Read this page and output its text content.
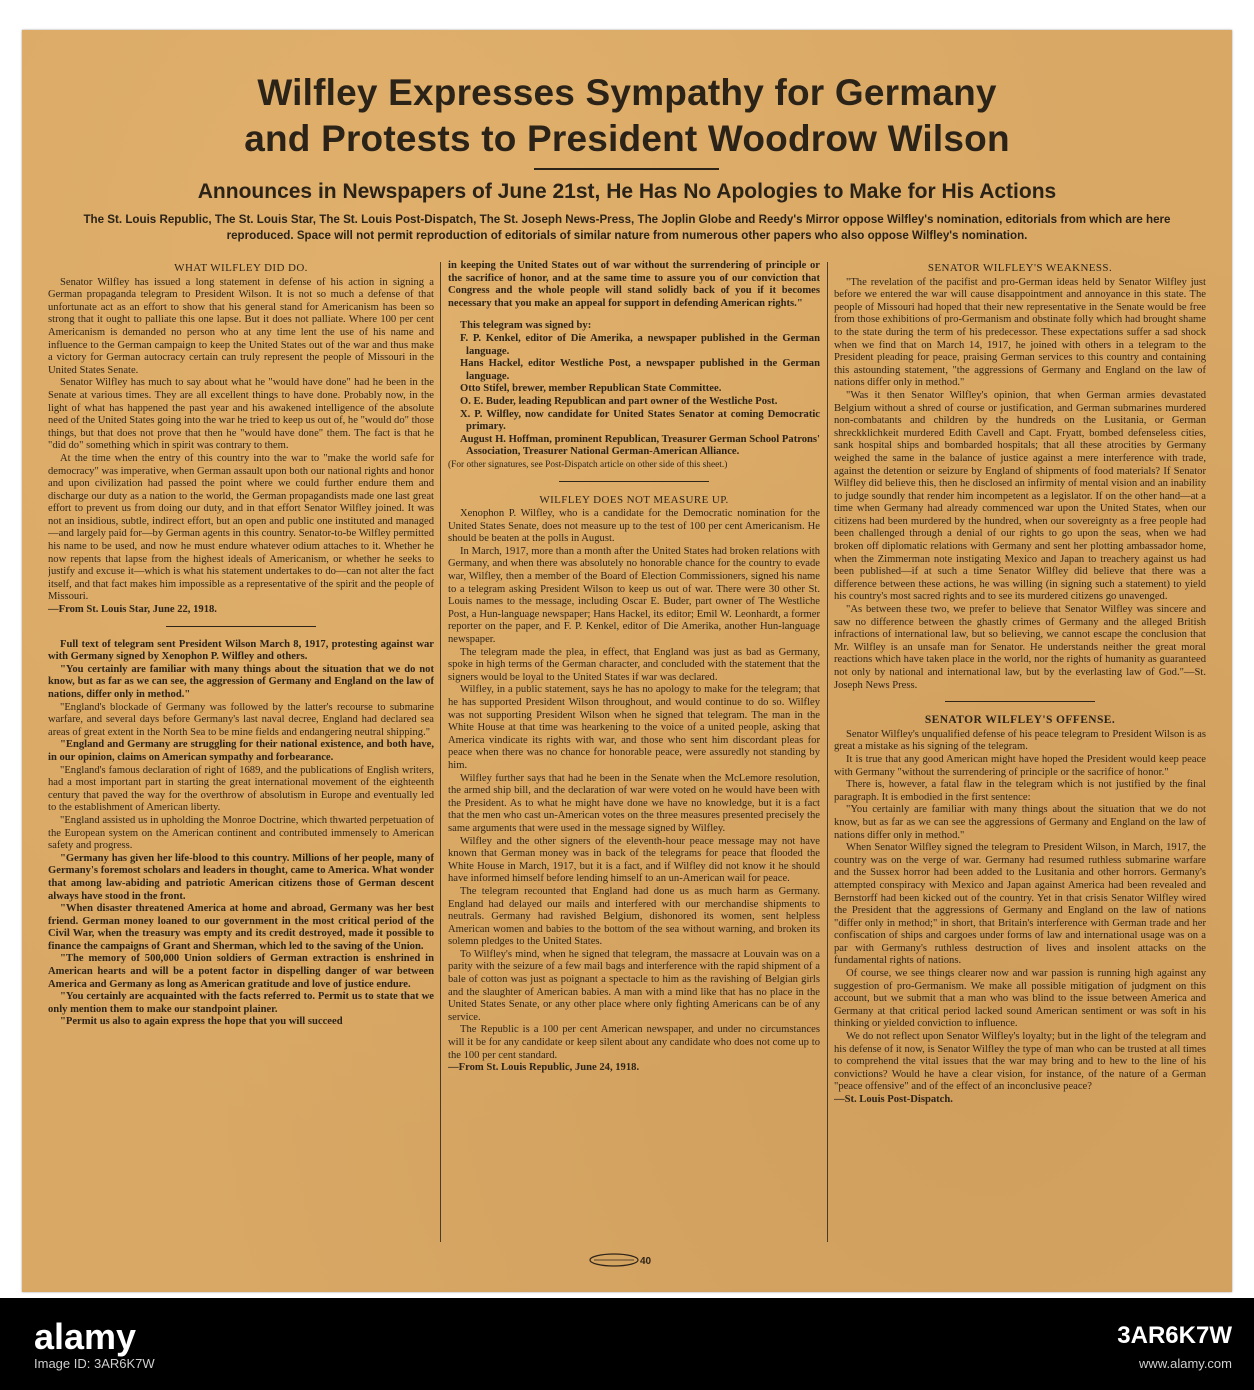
Wilfley Expresses Sympathy for Germany
and Protests to President Woodrow Wilson
Announces in Newspapers of June 21st, He Has No Apologies to Make for His Actions
The St. Louis Republic, The St. Louis Star, The St. Louis Post-Dispatch, The St. Joseph News-Press, The Joplin Globe and Reedy's Mirror oppose Wilfley's nomination, editorials from which are here reproduced. Space will not permit reproduction of editorials of similar nature from numerous other papers who also oppose Wilfley's nomination.
WHAT WILFLEY DID DO.

Senator Wilfley has issued a long statement in defense of his action in signing a German propaganda telegram to President Wilson. It is not so much a defense of that unfortunate act as an effort to show that his general stand for Americanism has been so strong that it ought to palliate this one lapse. But it does not palliate. Where 100 per cent Americanism is demanded no person who at any time lent the use of his name and influence to the German campaign to keep the United States out of the war and thus make a victory for German autocracy certain can truly represent the people of Missouri in the United States Senate.

Senator Wilfley has much to say about what he "would have done" had he been in the Senate at various times. They are all excellent things to have done. Probably now, in the light of what has happened the past year and his awakened intelligence of the absolute need of the United States going into the war he tried to keep us out of, he "would do" those things, but that does not prove that then he "would have done" them. The fact is that he "did do" something which in spirit was contrary to them.

At the time when the entry of this country into the war to "make the world safe for democracy" was imperative, when German assault upon both our national rights and honor and upon civilization had passed the point where we could further endure them and discharge our duty as a nation to the world, the German propagandists made one last great effort to prevent us from doing our duty, and in that effort Senator Wilfley joined. It was not an insidious, subtle, indirect effort, but an open and public one instituted and managed—and largely paid for—by German agents in this country. Senator-to-be Wilfley permitted his name to be used, and now he must endure whatever odium attaches to it. Whether he now repents that lapse from the highest ideals of Americanism, or whether he seeks to justify and excuse it—which is what his statement undertakes to do—can not alter the fact itself, and that fact makes him impossible as a representative of the spirit and the people of Missouri.

—From St. Louis Star, June 22, 1918.

Full text of telegram sent President Wilson March 8, 1917, protesting against war with Germany signed by Xenophon P. Wilfley and others.

"You certainly are familiar with many things about the situation that we do not know, but as far as we can see, the aggression of Germany and England on the law of nations, differ only in method."

"England's blockade of Germany was followed by the latter's recourse to submarine warfare, and several days before Germany's last naval decree, England had declared sea areas of great extent in the North Sea to be mine fields and endangering neutral shipping."

"England and Germany are struggling for their national existence, and both have, in our opinion, claims on American sympathy and forbearance.

"England's famous declaration of right of 1689, and the publications of English writers, had a most important part in starting the great international movement of the eighteenth century that paved the way for the overthrow of absolutism in Europe and eventually led to the establishment of American liberty.

"England assisted us in upholding the Monroe Doctrine, which thwarted perpetuation of the European system on the American continent and contributed immensely to American safety and progress.

"Germany has given her life-blood to this country. Millions of her people, many of Germany's foremost scholars and leaders in thought, came to America. What wonder that among law-abiding and patriotic American citizens those of German descent always have stood in the front.

"When disaster threatened America at home and abroad, Germany was her best friend. German money loaned to our government in the most critical period of the Civil War, when the treasury was empty and its credit destroyed, made it possible to finance the campaigns of Grant and Sherman, which led to the saving of the Union.

"The memory of 500,000 Union soldiers of German extraction is enshrined in American hearts and will be a potent factor in dispelling danger of war between America and Germany as long as American gratitude and love of justice endure.

"You certainly are acquainted with the facts referred to. Permit us to state that we only mention them to make our standpoint plainer.

"Permit us also to again express the hope that you will succeed

in keeping the United States out of war without the surrendering of principle or the sacrifice of honor, and at the same time to assure you of our conviction that Congress and the whole people will stand solidly back of you if it becomes necessary that you make an appeal for support in defending American rights."

This telegram was signed by:

F. P. Kenkel, editor of Die Amerika, a newspaper published in the German language.

Hans Hackel, editor Westliche Post, a newspaper published in the German language.

Otto Stifel, brewer, member Republican State Committee.

O. E. Buder, leading Republican and part owner of the Westliche Post.

X. P. Wilfley, now candidate for United States Senator at coming Democratic primary.

August H. Hoffman, prominent Republican, Treasurer German School Patrons' Association, Treasurer National German-American Alliance.

(For other signatures, see Post-Dispatch article on other side of this sheet.)

WILFLEY DOES NOT MEASURE UP.

Xenophon P. Wilfley, who is a candidate for the Democratic nomination for the United States Senate, does not measure up to the test of 100 per cent Americanism. He should be beaten at the polls in August.

In March, 1917, more than a month after the United States had broken relations with Germany, and when there was absolutely no honorable chance for the country to evade war, Wilfley, then a member of the Board of Election Commissioners, signed his name to a telegram asking President Wilson to keep us out of war. There were 30 other St. Louis names to the message, including Oscar E. Buder, part owner of The Westliche Post, a Hun-language newspaper; Hans Hackel, its editor; Emil W. Leonhardt, a former reporter on the paper, and F. P. Kenkel, editor of Die Amerika, another Hun-language newspaper.

The telegram made the plea, in effect, that England was just as bad as Germany, spoke in high terms of the German character, and concluded with the statement that the signers would be loyal to the United States if war was declared.

Wilfley, in a public statement, says he has no apology to make for the telegram; that he has supported President Wilson throughout, and would continue to do so. Wilfley was not supporting President Wilson when he signed that telegram. The man in the White House at that time was hearkening to the voice of a united people, asking that America vindicate its rights with war, and those who sent him discordant pleas for peace when there was no chance for honorable peace, were assuredly not standing by him.

Wilfley further says that had he been in the Senate when the McLemore resolution, the armed ship bill, and the declaration of war were voted on he would have been with the President. As to what he might have done we have no knowledge, but it is a fact that the men who cast un-American votes on the three measures presented precisely the same arguments that were used in the message signed by Wilfley.

Wilfley and the other signers of the eleventh-hour peace message may not have known that German money was in back of the telegrams for peace that flooded the White House in March, 1917, but it is a fact, and if Wilfley did not know it he should have informed himself before lending himself to an un-American wail for peace.

The telegram recounted that England had done us as much harm as Germany. England had delayed our mails and interfered with our merchandise shipments to neutrals. Germany had ravished Belgium, dishonored its women, sent helpless American women and babies to the bottom of the sea without warning, and broken its solemn pledges to the United States.

To Wilfley's mind, when he signed that telegram, the massacre at Louvain was on a parity with the seizure of a few mail bags and interference with the rapid shipment of a bale of cotton was just as poignant a spectacle to him as the ravishing of Belgian girls and the slaughter of American babies. A man with a mind like that has no place in the United States Senate, or any other place where only fighting Americans can be of any service.

The Republic is a 100 per cent American newspaper, and under no circumstances will it be for any candidate or keep silent about any candidate who does not come up to the 100 per cent standard.

—From St. Louis Republic, June 24, 1918.

SENATOR WILFLEY'S WEAKNESS.

"The revelation of the pacifist and pro-German ideas held by Senator Wilfley just before we entered the war will cause disappointment and annoyance in this state. The people of Missouri had hoped that their new representative in the Senate would be free from those exhibitions of pro-Germanism and obstinate folly which had brought shame to the state during the term of his predecessor. These expectations suffer a sad shock when we find that on March 14, 1917, he joined with others in a telegram to the President pleading for peace, praising German services to this country and containing this astounding statement, "the aggressions of Germany and England on the law of nations differ only in method."

"Was it then Senator Wilfley's opinion, that when German armies devastated Belgium without a shred of course or justification, and German submarines murdered non-combatants and children by the hundreds on the Lusitania, or German shreckklichkeit murdered Edith Cavell and Capt. Fryatt, bombed defenseless cities, sank hospital ships and bombarded hospitals; that all these atrocities by Germany weighed the same in the balance of justice against a mere interference with trade, against the detention or seizure by England of shipments of food materials? If Senator Wilfley did believe this, then he disclosed an infirmity of mental vision and an inability to judge soundly that render him incompetent as a legislator. If on the other hand—at a time when Germany had already commenced war upon the United States, when our citizens had been murdered by the hundred, when our sovereignty as a free people had been challenged through a denial of our rights to go upon the seas, when we had broken off diplomatic relations with Germany and sent her plotting ambassador home, when the Zimmerman note instigating Mexico and Japan to treachery against us had been published—if at such a time Senator Wilfley did believe that there was a difference between these actions, he was willing (in signing such a statement) to yield his country's most sacred rights and to see its murdered citizens go unavenged.

"As between these two, we prefer to believe that Senator Wilfley was sincere and saw no difference between the ghastly crimes of Germany and the alleged British infractions of international law, but so believing, we cannot escape the conclusion that Mr. Wilfley is an unsafe man for Senator. He understands neither the great moral reactions which have taken place in the world, nor the rights of humanity as guaranteed not only by national and international law, but by the everlasting law of God."—St. Joseph News Press.

SENATOR WILFLEY'S OFFENSE.

Senator Wilfley's unqualified defense of his peace telegram to President Wilson is as great a mistake as his signing of the telegram.

It is true that any good American might have hoped the President would keep peace with Germany "without the surrendering of principle or the sacrifice of honor."

There is, however, a fatal flaw in the telegram which is not justified by the final paragraph. It is embodied in the first sentence:

"You certainly are familiar with many things about the situation that we do not know, but as far as we can see the aggressions of Germany and England on the law of nations differ only in method."

When Senator Wilfley signed the telegram to President Wilson, in March, 1917, the country was on the verge of war. Germany had resumed ruthless submarine warfare and the Sussex horror had been added to the Lusitania and other horrors. Germany's attempted conspiracy with Mexico and Japan against America had been revealed and Bernstorff had been kicked out of the country. Yet in that crisis Senator Wilfley wired the President that the aggressions of Germany and England on the law of nations "differ only in method;" in short, that Britain's interference with German trade and her confiscation of ships and cargoes under forms of law and international usage was on a par with Germany's ruthless destruction of lives and insolent attacks on the fundamental rights of nations.

Of course, we see things clearer now and war passion is running high against any suggestion of pro-Germanism. We make all possible mitigation of judgment on this account, but we submit that a man who was blind to the issue between America and Germany at that critical period lacked sound American sentiment or was soft in his thinking or yielded conviction to influence.

We do not reflect upon Senator Wilfley's loyalty; but in the light of the telegram and his defense of it now, is Senator Wilfley the type of man who can be trusted at all times to comprehend the vital issues that the war may bring and to hew to the line of his convictions? Would he have a clear vision, for instance, of the nature of a German "peace offensive" and of the effect of an inconclusive peace?

—St. Louis Post-Dispatch.

40
alamy
Image ID: 3AR6K7W
3AR6K7W
www.alamy.com
